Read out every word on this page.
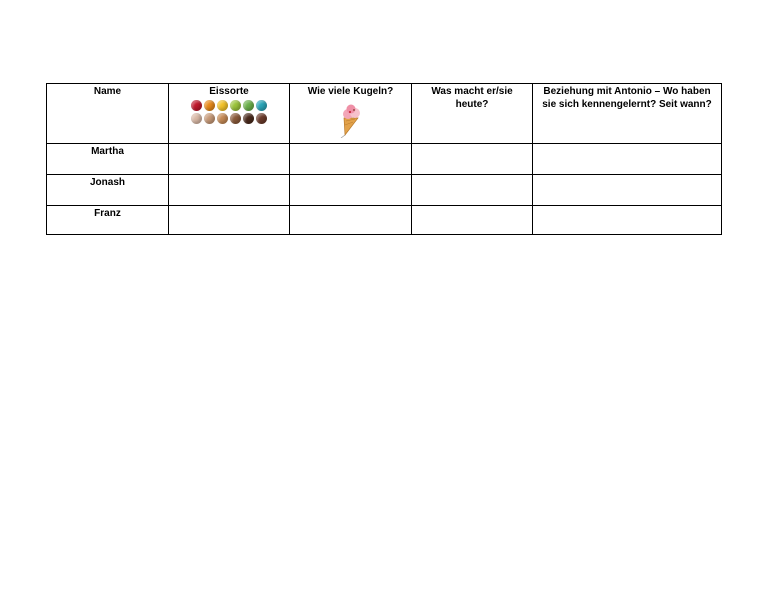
Name	Eissorte	Wie viele Kugeln?	Was macht er/sie heute?	Beziehung mit Antonio – Wo haben sie sich kennengelernt? Seit wann?
Martha				
Jonash				
Franz				
